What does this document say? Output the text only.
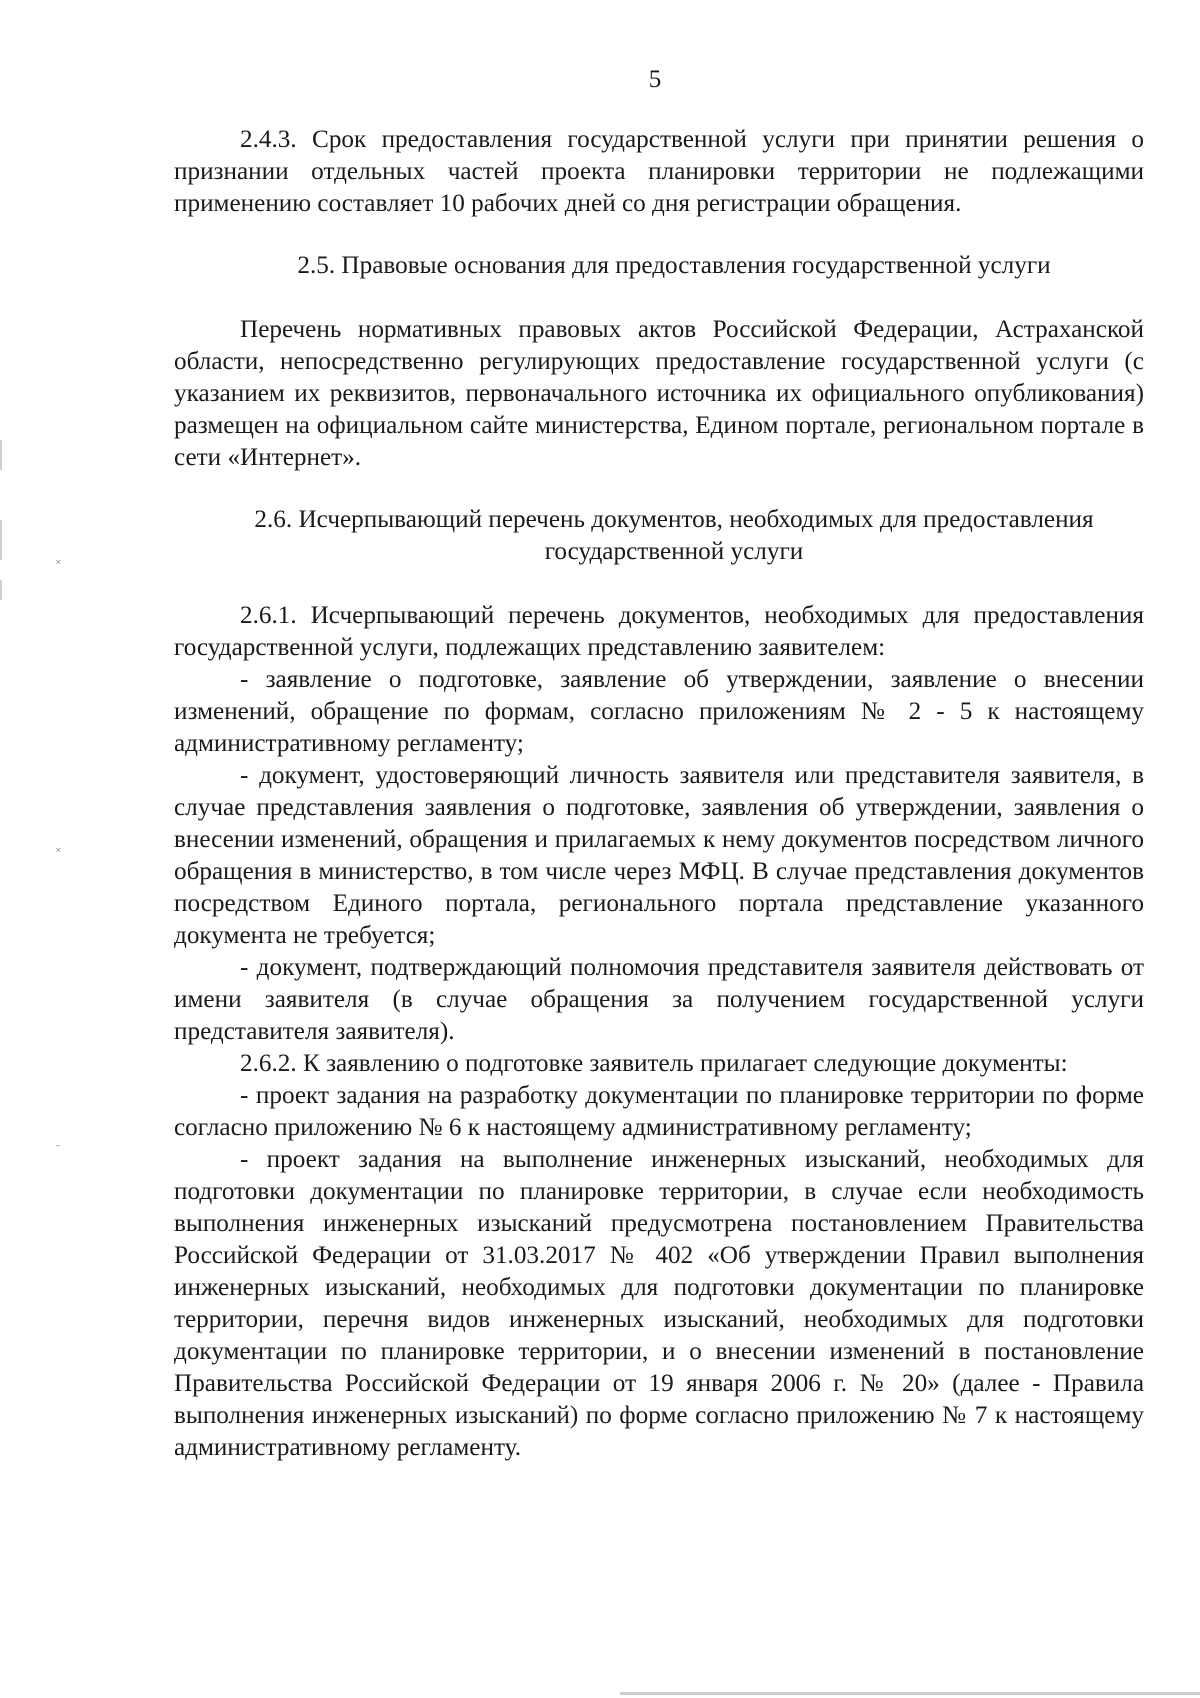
˟
˟
˗
5

2.4.3. Срок предоставления государственной услуги при принятии решения о признании отдельных частей проекта планировки территории не подлежащими применению составляет 10 рабочих дней со дня регистрации обращения.

2.5. Правовые основания для предоставления государственной услуги

Перечень нормативных правовых актов Российской Федерации, Астраханской области, непосредственно регулирующих предоставление государственной услуги (с указанием их реквизитов, первоначального источника их официального опубликования) размещен на официальном сайте министерства, Едином портале, региональном портале в сети «Интернет».

2.6. Исчерпывающий перечень документов, необходимых для предоставления государственной услуги

2.6.1. Исчерпывающий перечень документов, необходимых для предоставления государственной услуги, подлежащих представлению заявителем:

- заявление о подготовке, заявление об утверждении, заявление о внесении изменений, обращение по формам, согласно приложениям № 2 - 5 к настоящему административному регламенту;

- документ, удостоверяющий личность заявителя или представителя заявителя, в случае представления заявления о подготовке, заявления об утверждении, заявления о внесении изменений, обращения и прилагаемых к нему документов посредством личного обращения в министерство, в том числе через МФЦ. В случае представления документов посредством Единого портала, регионального портала представление указанного документа не требуется;

- документ, подтверждающий полномочия представителя заявителя действовать от имени заявителя (в случае обращения за получением государственной услуги представителя заявителя).

2.6.2. К заявлению о подготовке заявитель прилагает следующие документы:

- проект задания на разработку документации по планировке территории по форме согласно приложению № 6 к настоящему административному регламенту;

- проект задания на выполнение инженерных изысканий, необходимых для подготовки документации по планировке территории, в случае если необходимость выполнения инженерных изысканий предусмотрена постановлением Правительства Российской Федерации от 31.03.2017 № 402 «Об утверждении Правил выполнения инженерных изысканий, необходимых для подготовки документации по планировке территории, перечня видов инженерных изысканий, необходимых для подготовки документации по планировке территории, и о внесении изменений в постановление Правительства Российской Федерации от 19 января 2006 г. № 20» (далее - Правила выполнения инженерных изысканий) по форме согласно приложению № 7 к настоящему административному регламенту.
